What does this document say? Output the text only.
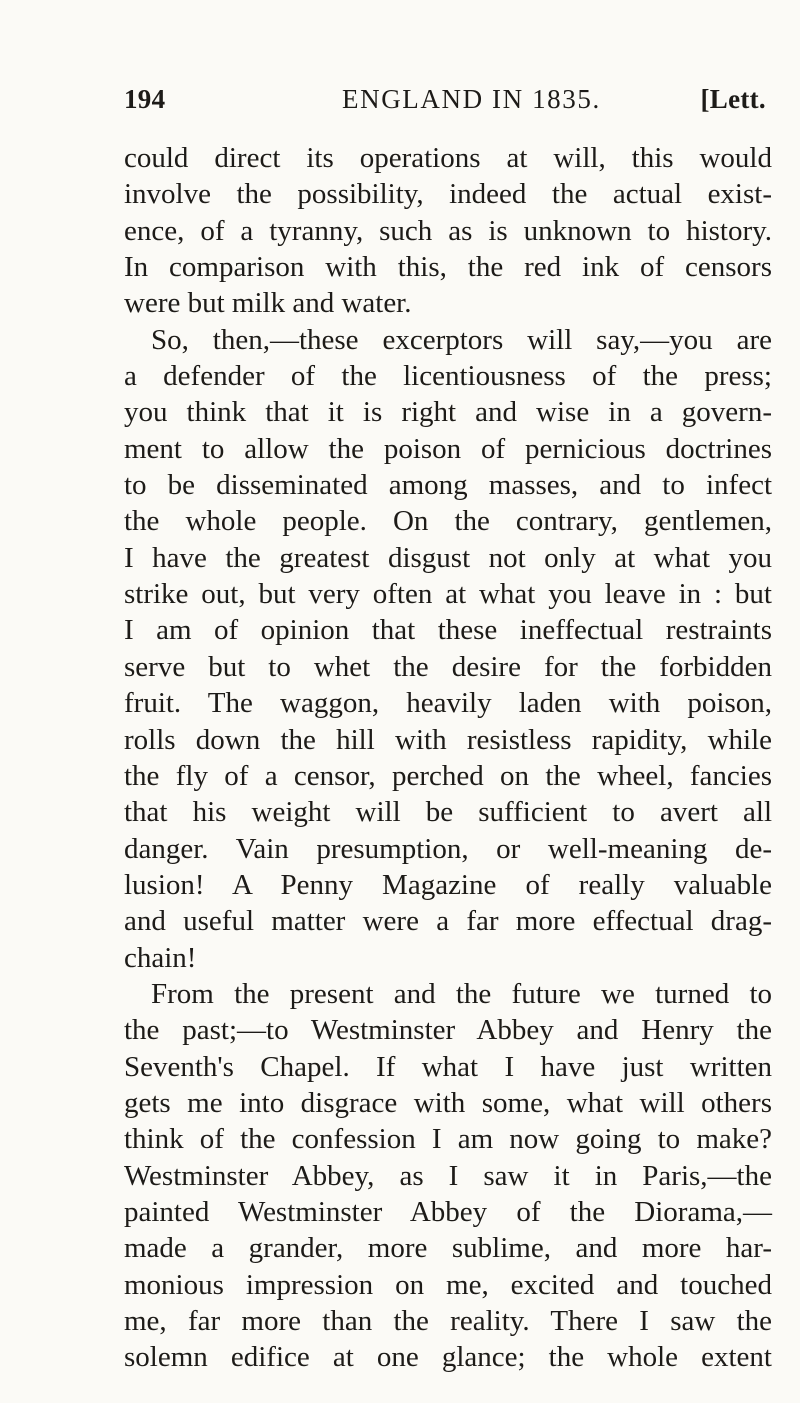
194	ENGLAND IN 1835.	[Lett.
could direct its operations at will, this would
involve the possibility, indeed the actual exist-
ence, of a tyranny, such as is unknown to history.
In comparison with this, the red ink of censors
were but milk and water.
So, then,—these excerptors will say,—you are
a defender of the licentiousness of the press;
you think that it is right and wise in a govern-
ment to allow the poison of pernicious doctrines
to be disseminated among masses, and to infect
the whole people. On the contrary, gentlemen,
I have the greatest disgust not only at what you
strike out, but very often at what you leave in : but
I am of opinion that these ineffectual restraints
serve but to whet the desire for the forbidden
fruit. The waggon, heavily laden with poison,
rolls down the hill with resistless rapidity, while
the fly of a censor, perched on the wheel, fancies
that his weight will be sufficient to avert all
danger. Vain presumption, or well-meaning de-
lusion! A Penny Magazine of really valuable
and useful matter were a far more effectual drag-
chain!
From the present and the future we turned to
the past;—to Westminster Abbey and Henry the
Seventh's Chapel. If what I have just written
gets me into disgrace with some, what will others
think of the confession I am now going to make?
Westminster Abbey, as I saw it in Paris,—the
painted Westminster Abbey of the Diorama,—
made a grander, more sublime, and more har-
monious impression on me, excited and touched
me, far more than the reality. There I saw the
solemn edifice at one glance; the whole extent
